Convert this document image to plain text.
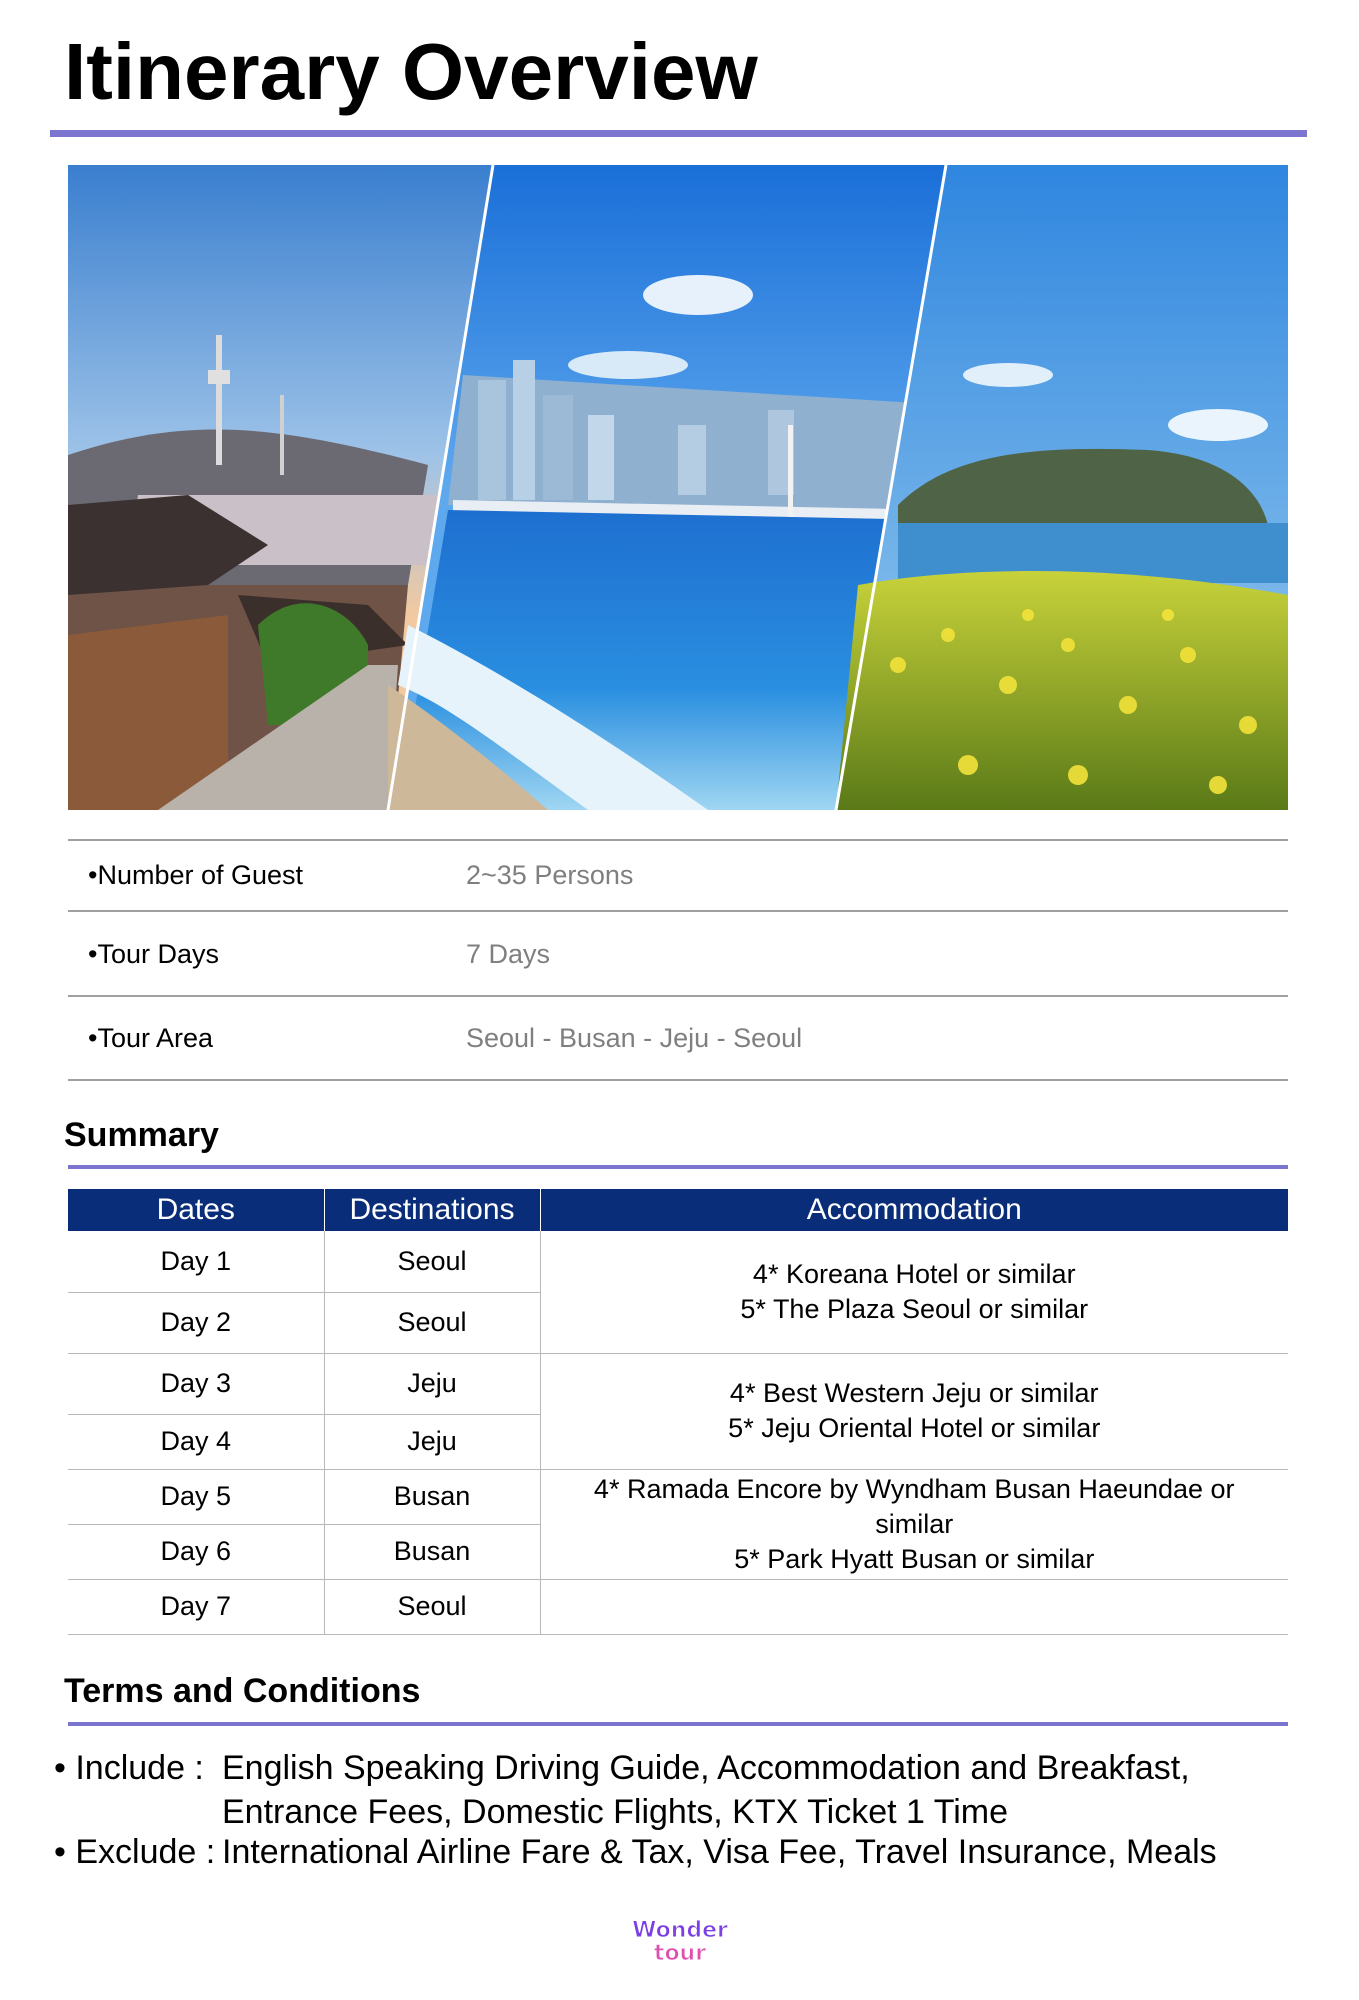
Itinerary Overview
•Number of Guest	2~35 Persons
•Tour Days	7 Days
•Tour Area	Seoul - Busan - Jeju - Seoul
Summary
Dates	Destinations	Accommodation
Day 1	Seoul	4* Koreana Hotel or similar
5* The Plaza Seoul or similar

Day 2	Seoul	
Day 3	Jeju	4* Best Western Jeju or similar
5* Jeju Oriental Hotel or similar

Day 4	Jeju	
Day 5	Busan	4* Ramada Encore by Wyndham Busan Haeundae or
similar
5* Park Hyatt Busan or similar

Day 6	Busan	
Day 7	Seoul	
Terms and Conditions
• Include : English Speaking Driving Guide, Accommodation and Breakfast,
Entrance Fees, Domestic Flights, KTX Ticket 1 Time
• Exclude : International Airline Fare & Tax, Visa Fee, Travel Insurance, Meals
Wonder
tour
